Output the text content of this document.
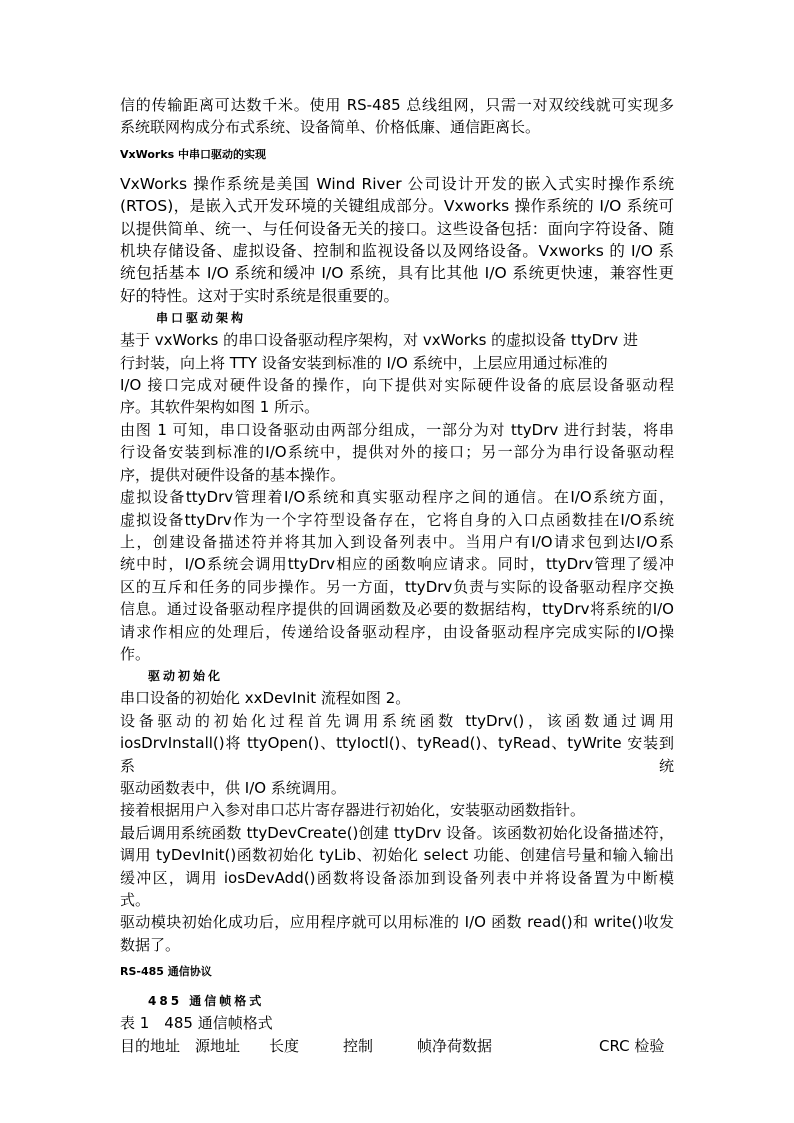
信的传输距离可达数千米。使用 RS-485 总线组网，只需一对双绞线就可实现多
系统联网构成分布式系统、设备简单、价格低廉、通信距离长。
VxWorks 中串口驱动的实现
VxWorks 操作系统是美国 Wind River 公司设计开发的嵌入式实时操作系统
(RTOS)，是嵌入式开发环境的关键组成部分。Vxworks 操作系统的 I/O 系统可
以提供简单、统一、与任何设备无关的接口。这些设备包括：面向字符设备、随
机块存储设备、虚拟设备、控制和监视设备以及网络设备。Vxworks 的 I/O 系
统包括基本 I/O 系统和缓冲 I/O 系统，具有比其他 I/O 系统更快速，兼容性更
好的特性。这对于实时系统是很重要的。
串口驱动架构
基于 vxWorks 的串口设备驱动程序架构，对 vxWorks 的虚拟设备 ttyDrv 进
行封装，向上将 TTY 设备安装到标准的 I/O 系统中，上层应用通过标准的
I/O 接口完成对硬件设备的操作，向下提供对实际硬件设备的底层设备驱动程
序。其软件架构如图 1 所示。
由图 1 可知，串口设备驱动由两部分组成，一部分为对 ttyDrv 进行封装，将串
行设备安装到标准的I/O系统中，提供对外的接口；另一部分为串行设备驱动程
序，提供对硬件设备的基本操作。
虚拟设备ttyDrv管理着I/O系统和真实驱动程序之间的通信。在I/O系统方面，
虚拟设备ttyDrv作为一个字符型设备存在，它将自身的入口点函数挂在I/O系统
上，创建设备描述符并将其加入到设备列表中。当用户有I/O请求包到达I/O系
统中时，I/O系统会调用ttyDrv相应的函数响应请求。同时，ttyDrv管理了缓冲
区的互斥和任务的同步操作。另一方面，ttyDrv负责与实际的设备驱动程序交换
信息。通过设备驱动程序提供的回调函数及必要的数据结构，ttyDrv将系统的I/O
请求作相应的处理后，传递给设备驱动程序，由设备驱动程序完成实际的I/O操
作。
驱动初始化
串口设备的初始化 xxDevInit 流程如图 2。
设备驱动的初始化过程首先调用系统函数 ttyDrv()，该函数通过调用
iosDrvInstall()将 ttyOpen()、ttyIoctl()、tyRead()、tyRead、tyWrite 安装到系统
驱动函数表中，供 I/O 系统调用。
接着根据用户入参对串口芯片寄存器进行初始化，安装驱动函数指针。
最后调用系统函数 ttyDevCreate()创建 ttyDrv 设备。该函数初始化设备描述符，
调用 tyDevInit()函数初始化 tyLib、初始化 select 功能、创建信号量和输入输出
缓冲区，调用 iosDevAdd()函数将设备添加到设备列表中并将设备置为中断模
式。
驱动模块初始化成功后，应用程序就可以用标准的 I/O 函数 read()和 write()收发
数据了。
RS-485 通信协议
485 通信帧格式
表 1　485 通信帧格式
目的地址 源地址	长度	控制	帧净荷数据	CRC 检验
